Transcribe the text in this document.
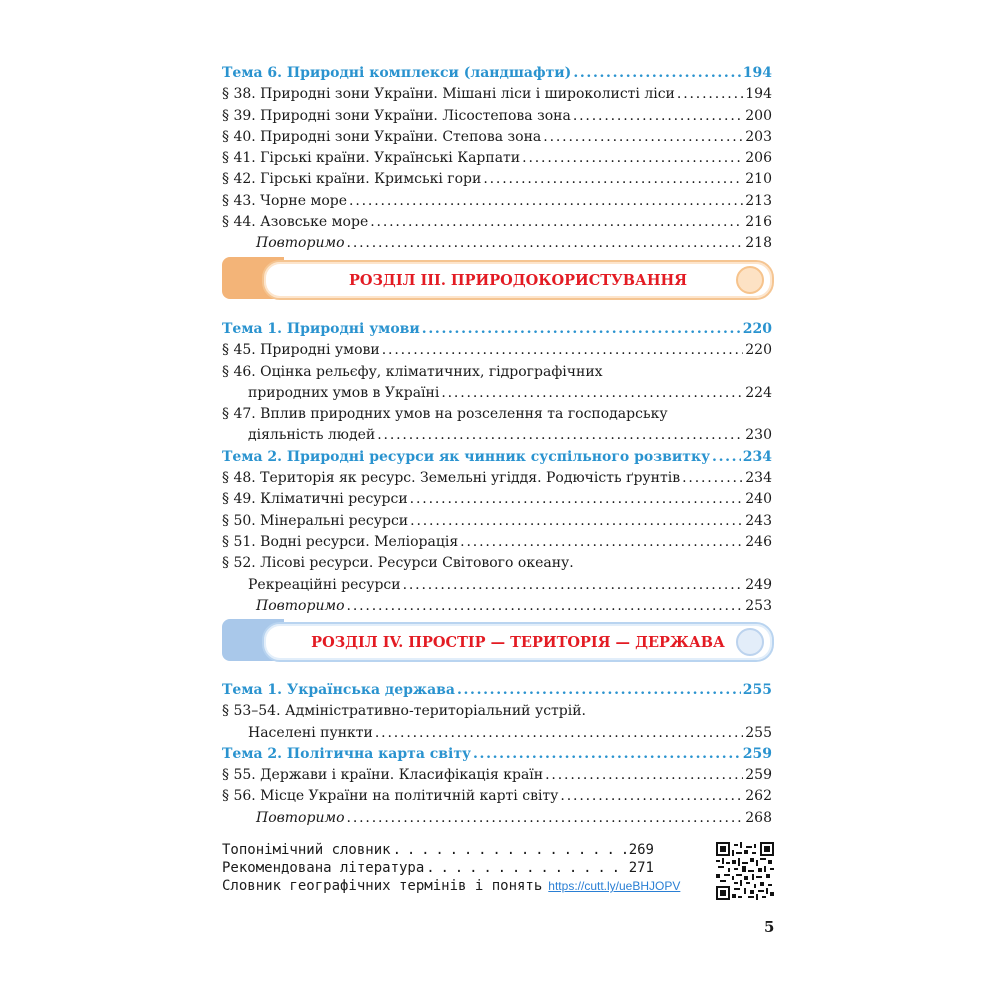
Тема 6. Природні комплекси (ландшафти) . . .	194
§ 38. Природні зони України. Мішані ліси і широколисті ліси . . .	194
§ 39. Природні зони України. Лісостепова зона . . .	200
§ 40. Природні зони України. Степова зона . . .	203
§ 41. Гірські країни. Українські Карпати . . .	206
§ 42. Гірські країни. Кримські гори . . .	210
§ 43. Чорне море . . .	213
§ 44. Азовське море . . .	216
Повторимо . . .	218
РОЗДІЛ III. ПРИРОДОКОРИСТУВАННЯ
Тема 1. Природні умови . . .	220
§ 45. Природні умови . . .	220
§ 46. Оцінка рельєфу, кліматичних, гідрографічних
природних умов в Україні . . .	224
§ 47. Вплив природних умов на розселення та господарську
діяльність людей . . .	230
Тема 2. Природні ресурси як чинник суспільного розвитку . . . 234
§ 48. Територія як ресурс. Земельні угіддя. Родючість ґрунтів . . .	234
§ 49. Кліматичні ресурси . . .	240
§ 50. Мінеральні ресурси . . .	243
§ 51. Водні ресурси. Меліорація . . .	246
§ 52. Лісові ресурси. Ресурси Світового океану.
Рекреаційні ресурси . . .	249
Повторимо . . .	253
РОЗДІЛ IV. ПРОСТІР — ТЕРИТОРІЯ — ДЕРЖАВА
Тема 1. Українська держава . . .	255
§ 53–54. Адміністративно-територіальний устрій.
Населені пункти . . .	255
Тема 2. Політична карта світу . . .	259
§ 55. Держави і країни. Класифікація країн . . .	259
§ 56. Місце України на політичній карті світу . . .	262
Повторимо . . .	268
Топонімічний словник . . .	269
Рекомендована література . . .	271
Словник географічних термінів і понять https://cutt.ly/ueBHJOPV
5
